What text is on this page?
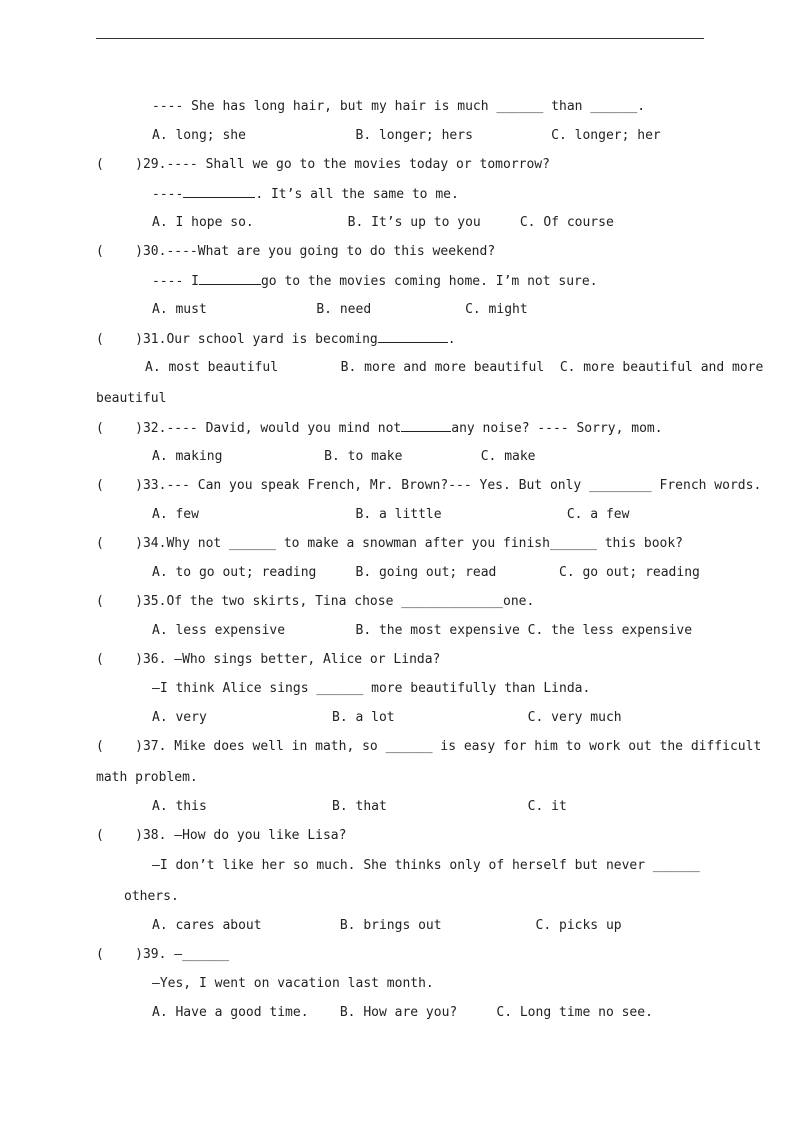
---- She has long hair, but my hair is much ______ than ______.
A. long; she              B. longer; hers          C. longer; her
(    )29.---- Shall we go to the movies today or tomorrow?
----	. It’s all the same to me.
A. I hope so.            B. It’s up to you     C. Of course
(    )30.----What are you going to do this weekend?
---- I	go to the movies coming home. I’m not sure.
A. must              B. need            C. might
(    )31.Our school yard is becoming	.
A. most beautiful        B. more and more beautiful  C. more beautiful and more
beautiful
(    )32.---- David, would you mind not	any noise? ---- Sorry, mom.
A. making             B. to make          C. make
(    )33.--- Can you speak French, Mr. Brown?--- Yes. But only ________ French words.
A. few                    B. a little                C. a few
(    )34.Why not ______ to make a snowman after you finish______ this book?
A. to go out; reading     B. going out; read        C. go out; reading
(    )35.Of the two skirts, Tina chose _____________one.
A. less expensive         B. the most expensive C. the less expensive
(    )36. —Who sings better, Alice or Linda?
—I think Alice sings ______ more beautifully than Linda.
A. very                B. a lot                 C. very much
(    )37. Mike does well in math, so ______ is easy for him to work out the difficult
math problem.
A. this                B. that                  C. it
(    )38. —How do you like Lisa?
—I don’t like her so much. She thinks only of herself but never ______
others.
A. cares about          B. brings out            C. picks up
(    )39. —______
—Yes, I went on vacation last month.
A. Have a good time.    B. How are you?     C. Long time no see.
